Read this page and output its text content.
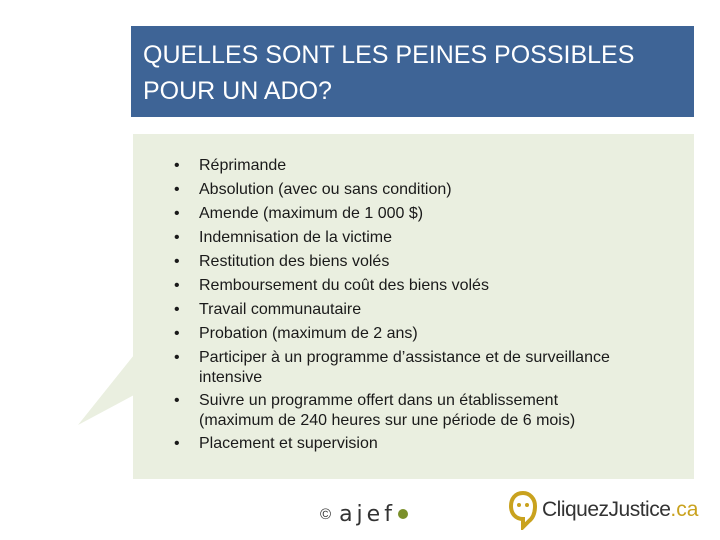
QUELLES SONT LES PEINES POSSIBLES
POUR UN ADO?
• Réprimande
• Absolution (avec ou sans condition)
• Amende (maximum de 1 000 $)
• Indemnisation de la victime
• Restitution des biens volés
• Remboursement du coût des biens volés
• Travail communautaire
• Probation (maximum de 2 ans)
• Participer à un programme d’assistance et de surveillance
intensive
• Suivre un programme offert dans un établissement
(maximum de 240 heures sur une période de 6 mois)
• Placement et supervision
© ajef	CliquezJustice .ca
